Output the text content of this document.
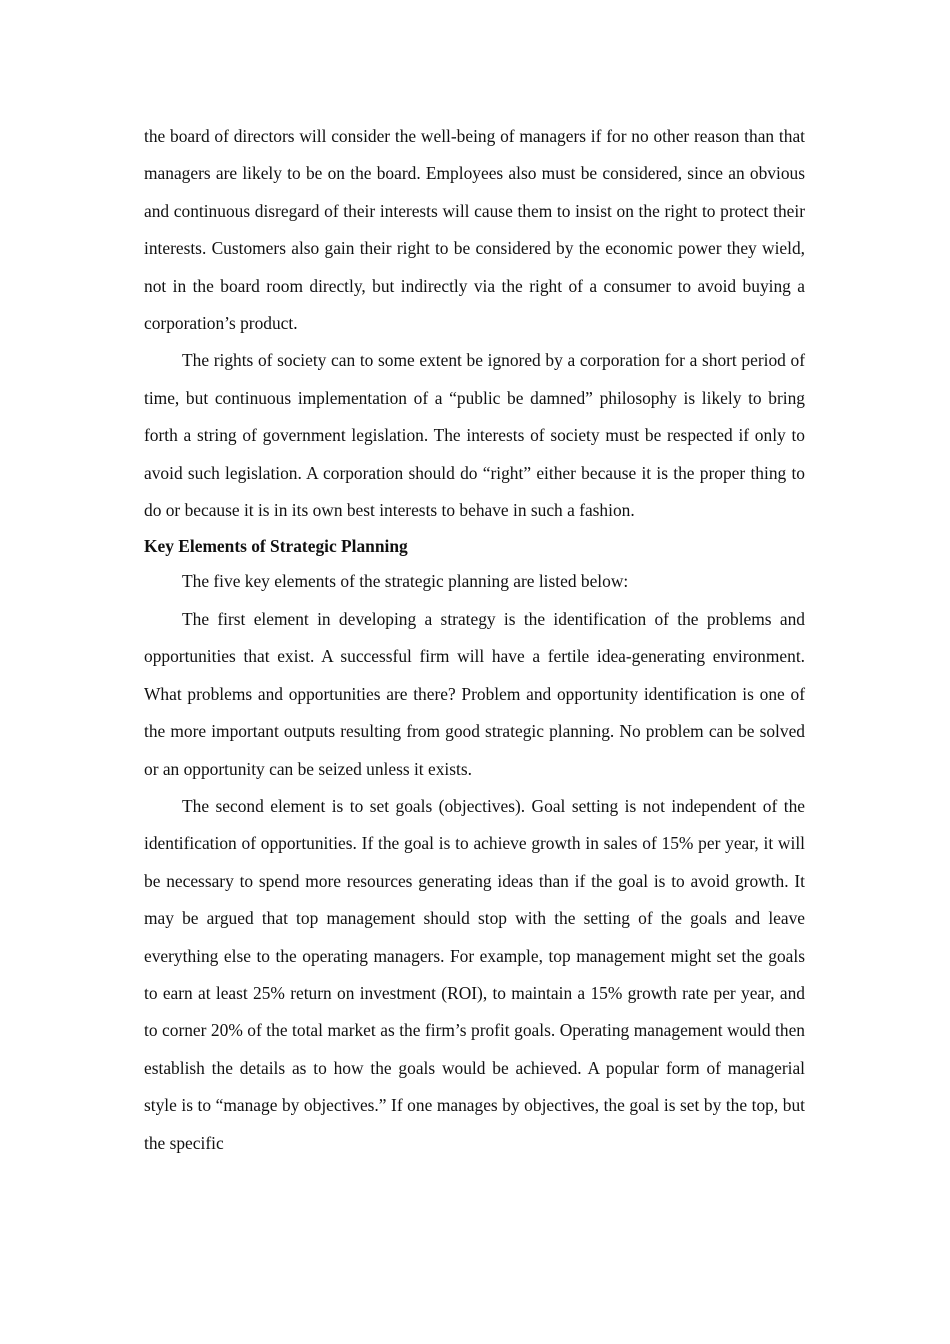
the board of directors will consider the well-being of managers if for no other reason than that managers are likely to be on the board. Employees also must be considered, since an obvious and continuous disregard of their interests will cause them to insist on the right to protect their interests. Customers also gain their right to be considered by the economic power they wield, not in the board room directly, but indirectly via the right of a consumer to avoid buying a corporation’s product.

The rights of society can to some extent be ignored by a corporation for a short period of time, but continuous implementation of a “public be damned” philosophy is likely to bring forth a string of government legislation. The interests of society must be respected if only to avoid such legislation. A corporation should do “right” either because it is the proper thing to do or because it is in its own best interests to behave in such a fashion.

Key Elements of Strategic Planning

The five key elements of the strategic planning are listed below:

The first element in developing a strategy is the identification of the problems and opportunities that exist. A successful firm will have a fertile idea-generating environment. What problems and opportunities are there? Problem and opportunity identification is one of the more important outputs resulting from good strategic planning. No problem can be solved or an opportunity can be seized unless it exists.

The second element is to set goals (objectives). Goal setting is not independent of the identification of opportunities. If the goal is to achieve growth in sales of 15% per year, it will be necessary to spend more resources generating ideas than if the goal is to avoid growth. It may be argued that top management should stop with the setting of the goals and leave everything else to the operating managers. For example, top management might set the goals to earn at least 25% return on investment (ROI), to maintain a 15% growth rate per year, and to corner 20% of the total market as the firm’s profit goals. Operating management would then establish the details as to how the goals would be achieved. A popular form of managerial style is to “manage by objectives.” If one manages by objectives, the goal is set by the top, but the specific
